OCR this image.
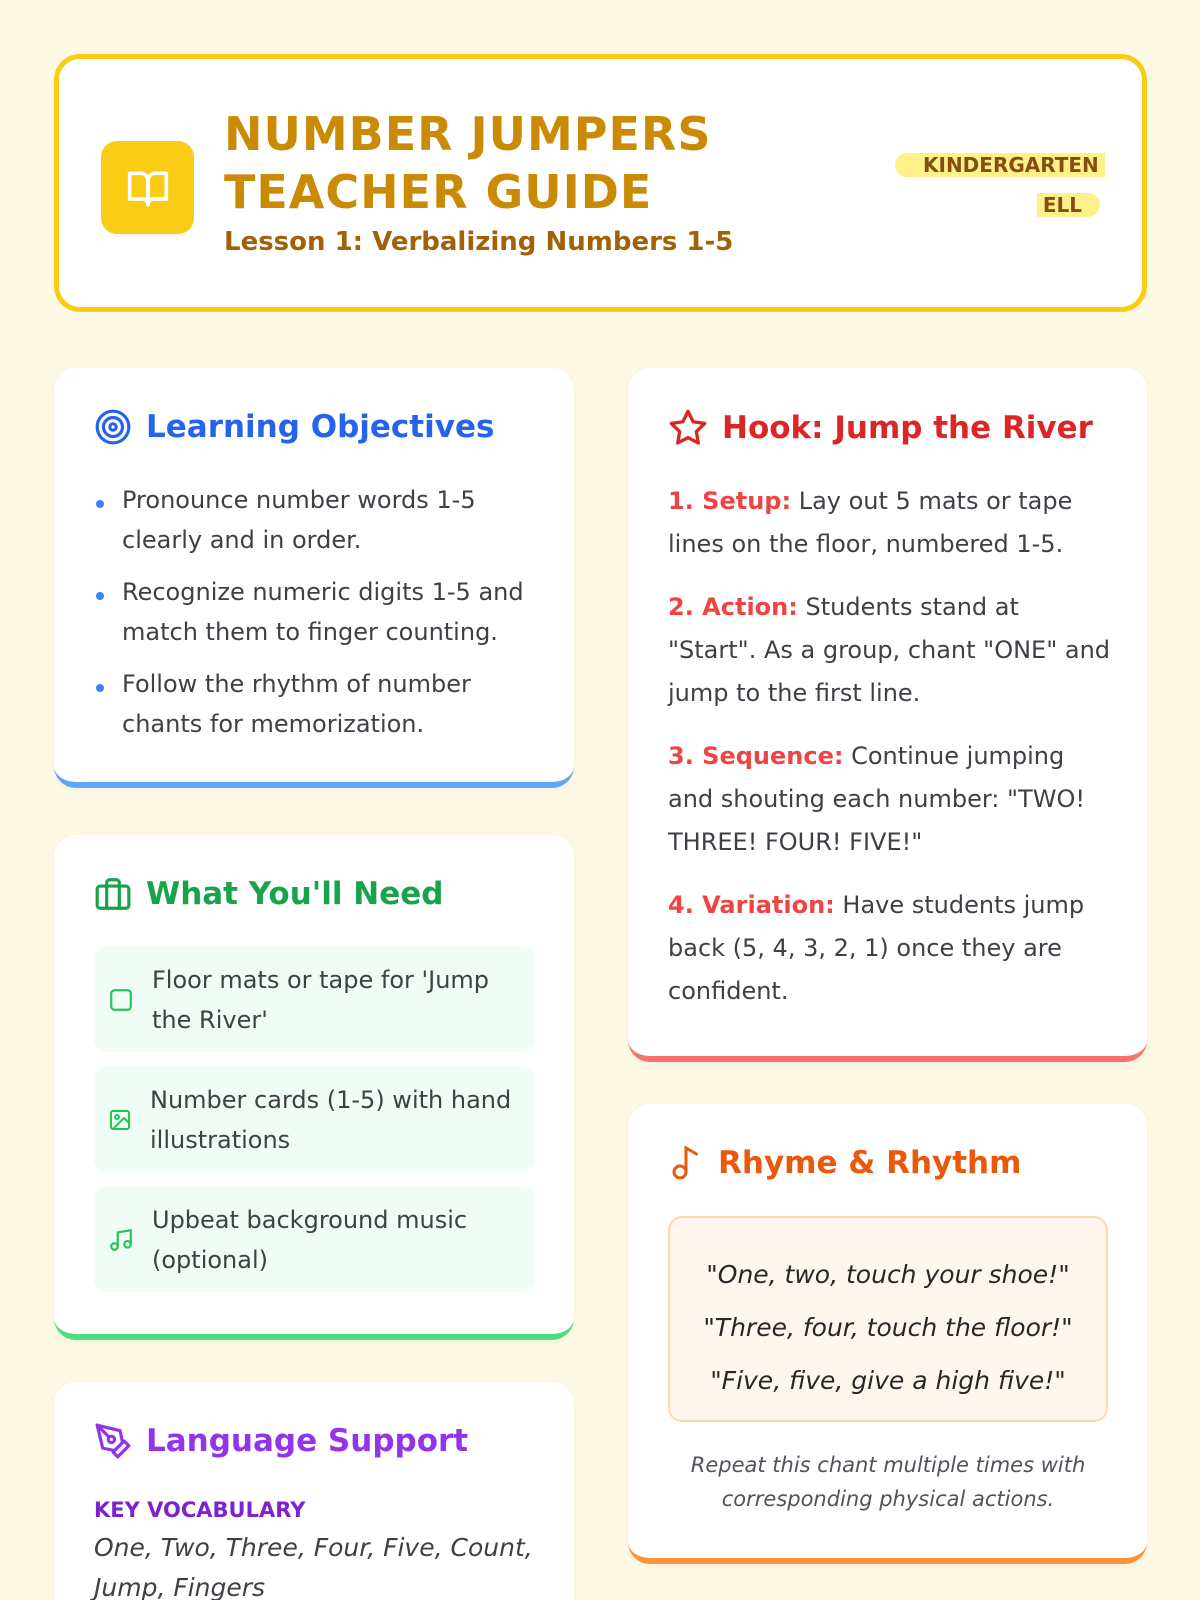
NUMBER JUMPERS TEACHER GUIDE
Lesson 1: Verbalizing Numbers 1-5
KINDERGARTEN
ELL
Learning Objectives
Pronounce number words 1-5 clearly and in order.
Recognize numeric digits 1-5 and match them to finger counting.
Follow the rhythm of number chants for memorization.
What You'll Need
Floor mats or tape for 'Jump the River'
Number cards (1-5) with hand illustrations
Upbeat background music (optional)
Language Support
KEY VOCABULARY
One, Two, Three, Four, Five, Count, Jump, Fingers
Hook: Jump the River

1. Setup: Lay out 5 mats or tape lines on the floor, numbered 1-5.

2. Action: Students stand at "Start". As a group, chant "ONE" and jump to the first line.

3. Sequence: Continue jumping and shouting each number: "TWO! THREE! FOUR! FIVE!"

4. Variation: Have students jump back (5, 4, 3, 2, 1) once they are confident.

Rhyme & Rhythm
"One, two, touch your shoe!"
"Three, four, touch the floor!"
"Five, five, give a high five!"
Repeat this chant multiple times with corresponding physical actions.
